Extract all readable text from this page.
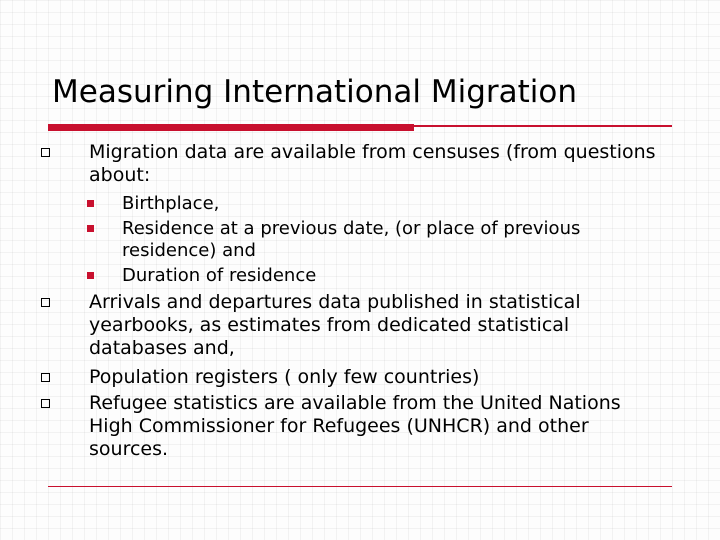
Measuring International Migration
Migration data are available from censuses (from questions about:
Birthplace,
Residence at a previous date, (or place of previous residence) and
Duration of residence
Arrivals and departures data published in statistical yearbooks, as estimates from dedicated statistical databases and,
Population registers ( only few countries)
Refugee statistics are available from the United Nations High Commissioner for Refugees (UNHCR) and other sources.
